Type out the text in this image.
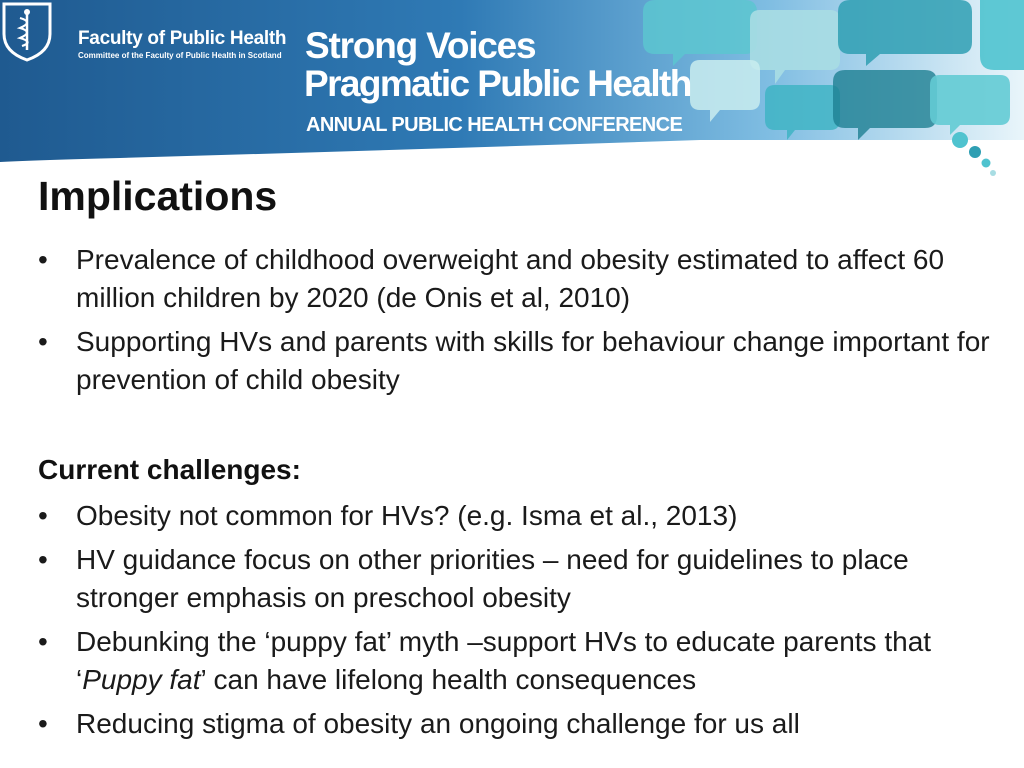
Faculty of Public Health
Committee of the Faculty of Public Health in Scotland Strong Voices
Pragmatic Public Health
ANNUAL PUBLIC HEALTH CONFERENCE
Implications
•	Prevalence of childhood overweight and obesity estimated to affect 60 million children by 2020 (de Onis et al, 2010)
•	Supporting HVs and parents with skills for behaviour change important for prevention of child obesity
Current challenges:
•	Obesity not common for HVs? (e.g. Isma et al., 2013)
•	HV guidance focus on other priorities – need for guidelines to place stronger emphasis on preschool obesity
•	Debunking the ‘puppy fat’ myth –support HVs to educate parents that ‘Puppy fat’ can have lifelong health consequences
•	Reducing stigma of obesity an ongoing challenge for us all
